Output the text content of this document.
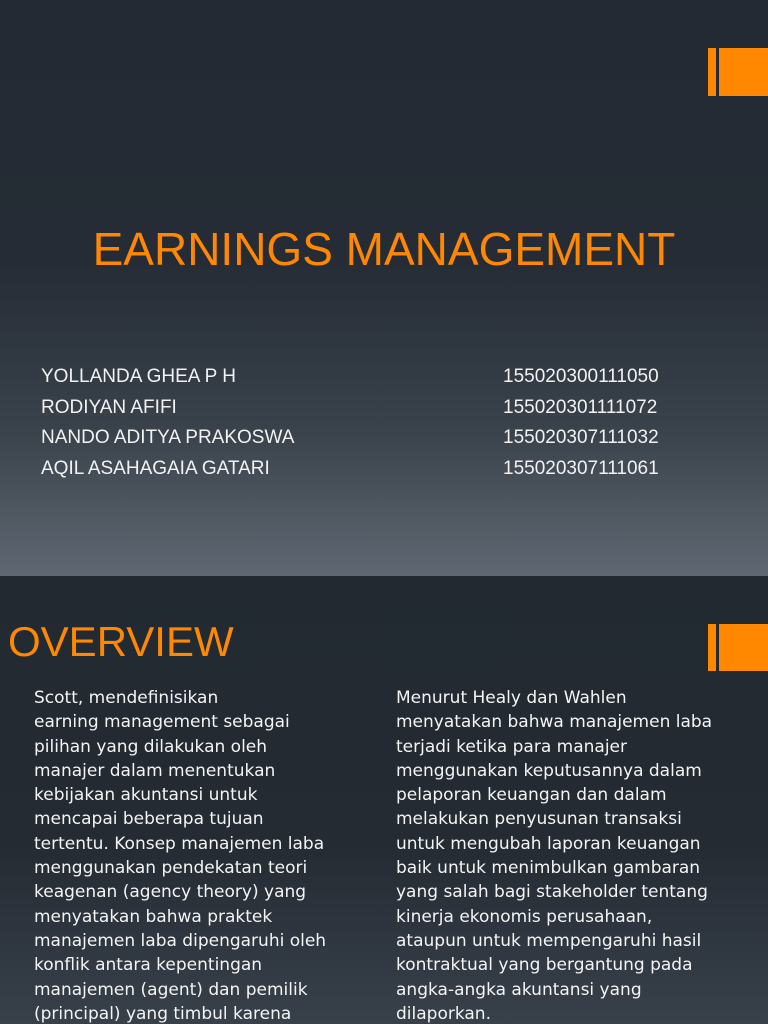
EARNINGS MANAGEMENT
YOLLANDA GHEA P H	155020300111050
RODIYAN AFIFI	155020301111072
NANDO ADITYA PRAKOSWA	155020307111032
AQIL ASAHAGAIA GATARI	155020307111061
OVERVIEW
Scott, mendefinisikan
earning management sebagai
pilihan yang dilakukan oleh
manajer dalam menentukan
kebijakan akuntansi untuk
mencapai beberapa tujuan
tertentu. Konsep manajemen laba
menggunakan pendekatan teori
keagenan (agency theory) yang
menyatakan bahwa praktek
manajemen laba dipengaruhi oleh
konflik antara kepentingan
manajemen (agent) dan pemilik
(principal) yang timbul karena
Menurut Healy dan Wahlen
menyatakan bahwa manajemen laba
terjadi ketika para manajer
menggunakan keputusannya dalam
pelaporan keuangan dan dalam
melakukan penyusunan transaksi
untuk mengubah laporan keuangan
baik untuk menimbulkan gambaran
yang salah bagi stakeholder tentang
kinerja ekonomis perusahaan,
ataupun untuk mempengaruhi hasil
kontraktual yang bergantung pada
angka-angka akuntansi yang
dilaporkan.
